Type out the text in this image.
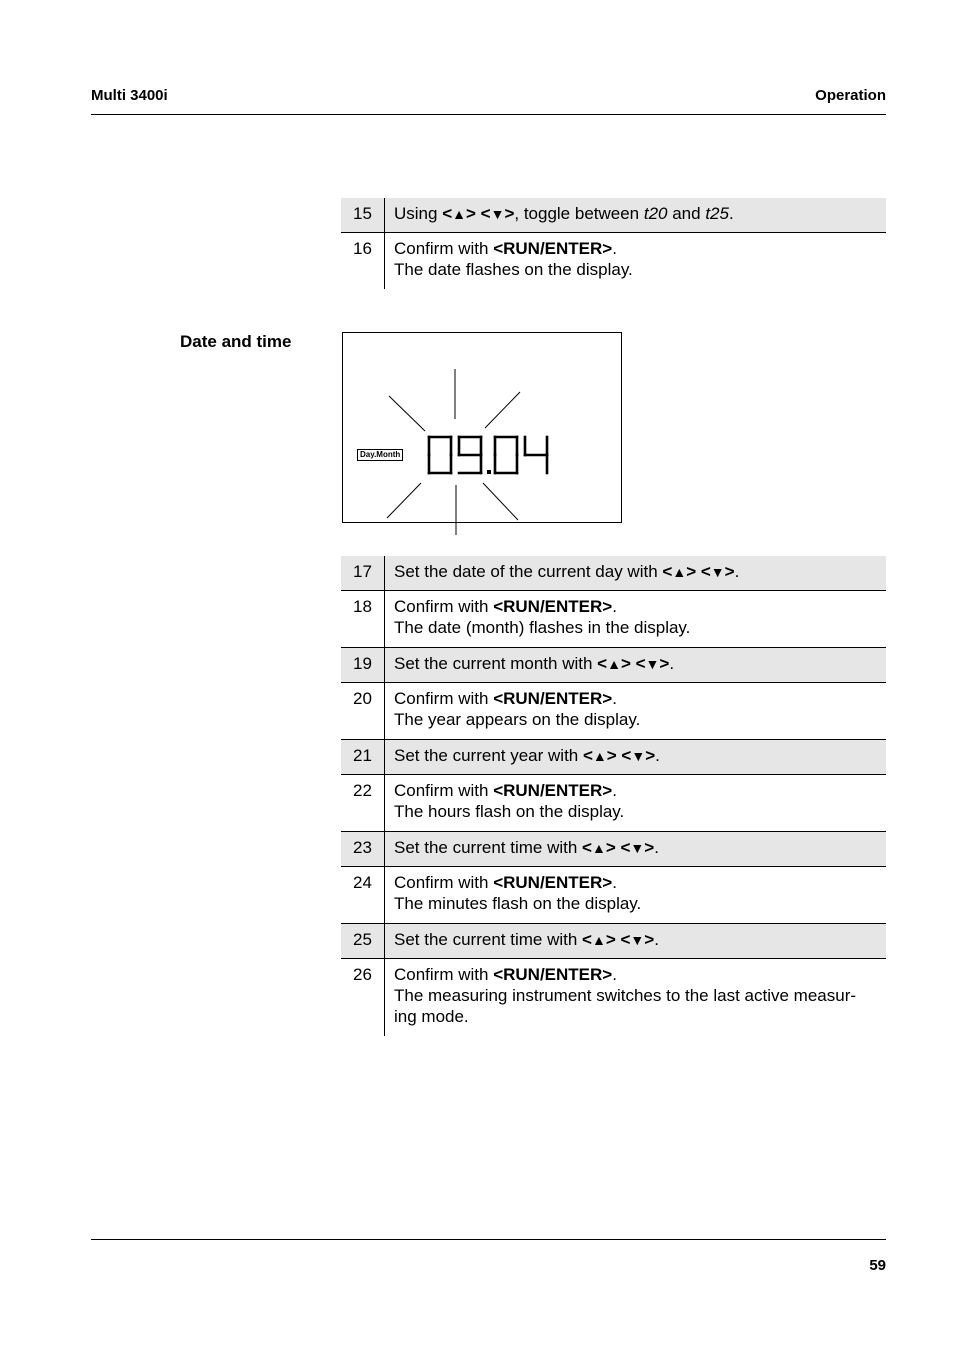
Multi 3400i	Operation
15	Using <▲> <▼>, toggle between t20 and t25.
16	Confirm with <RUN/ENTER>.
The date flashes on the display.
Date and time
Day.Month
17	Set the date of the current day with <▲> <▼>.
18	Confirm with <RUN/ENTER>.
The date (month) flashes in the display.

19	Set the current month with <▲> <▼>.
20	Confirm with <RUN/ENTER>.
The year appears on the display.

21	Set the current year with <▲> <▼>.
22	Confirm with <RUN/ENTER>.
The hours flash on the display.

23	Set the current time with <▲> <▼>.
24	Confirm with <RUN/ENTER>.
The minutes flash on the display.

25	Set the current time with <▲> <▼>.
26	Confirm with <RUN/ENTER>.
The measuring instrument switches to the last active measur-
ing mode.
59
